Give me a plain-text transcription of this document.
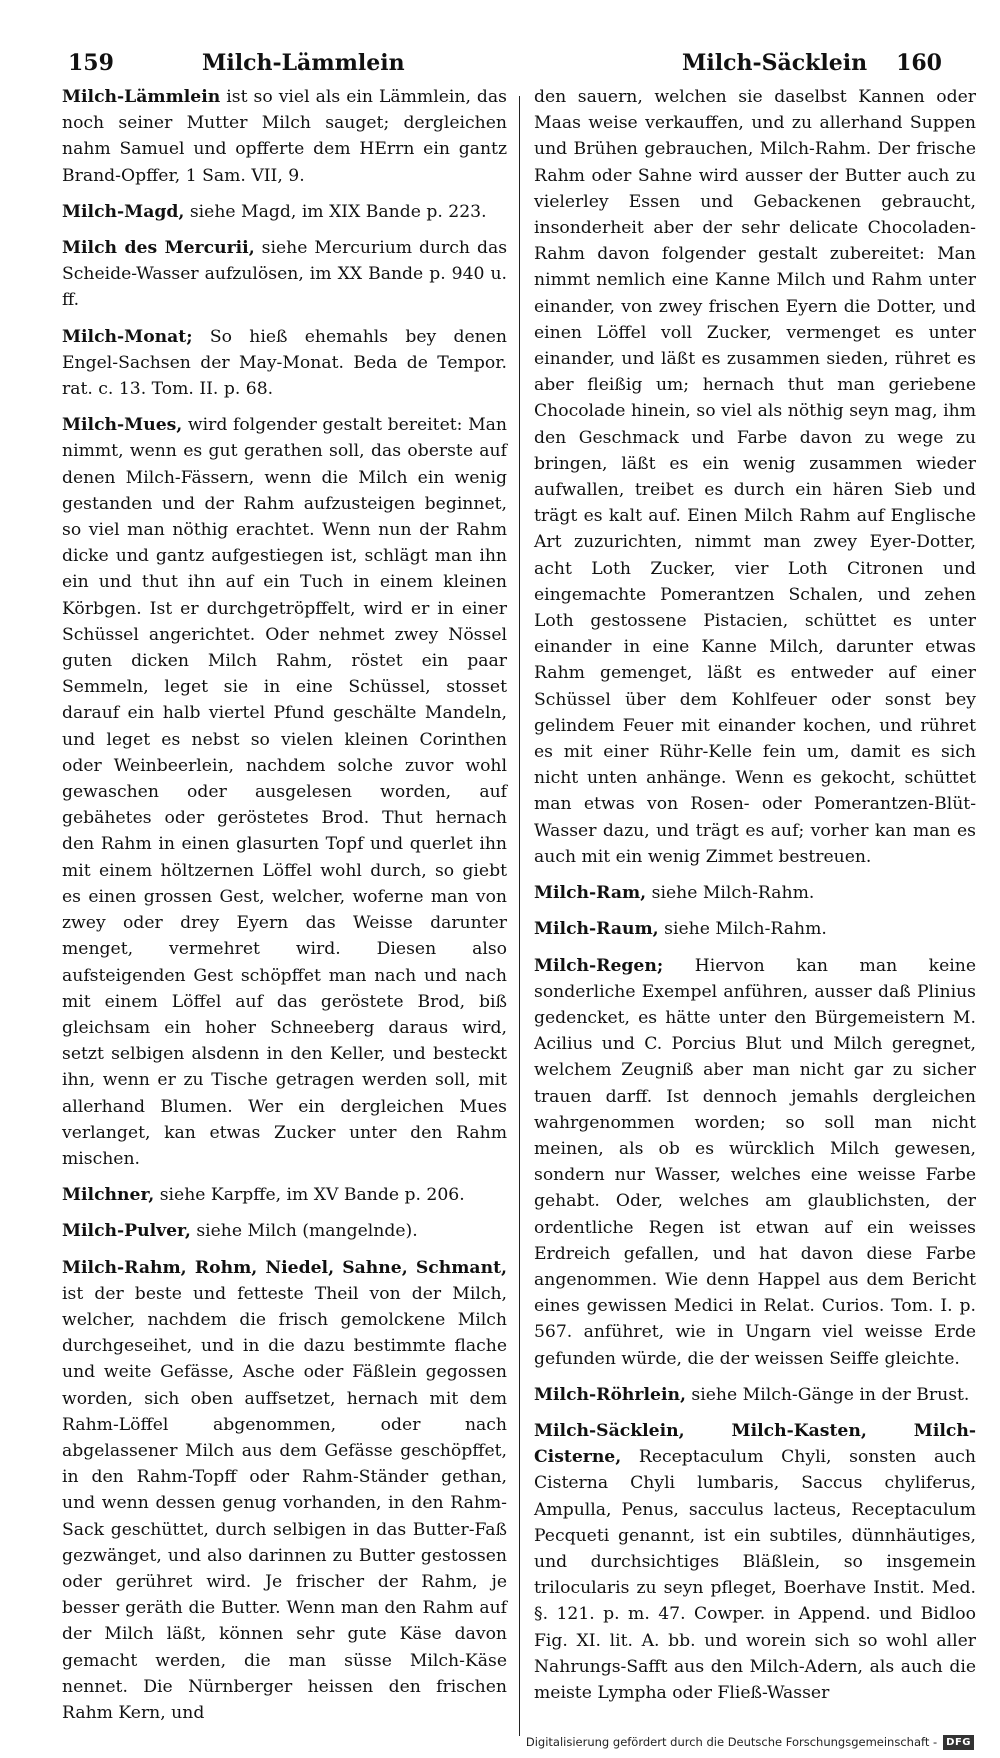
159	Milch-Lämmlein	Milch-Säcklein 160

Milch-Lämmlein ist so viel als ein Lämmlein, das noch seiner Mutter Milch sauget; dergleichen nahm Samuel und opfferte dem HErrn ein gantz Brand-Opffer, 1 Sam. VII, 9.

Milch-Magd, siehe Magd, im XIX Bande p. 223.

Milch des Mercurii, siehe Mercurium durch das Scheide-Wasser aufzulösen, im XX Bande p. 940 u. ff.

Milch-Monat; So hieß ehemahls bey denen Engel-Sachsen der May-Monat. Beda de Tempor. rat. c. 13. Tom. II. p. 68.

Milch-Mues, wird folgender gestalt bereitet: Man nimmt, wenn es gut gerathen soll, das oberste auf denen Milch-Fässern, wenn die Milch ein wenig gestanden und der Rahm aufzusteigen beginnet, so viel man nöthig erachtet. Wenn nun der Rahm dicke und gantz aufgestiegen ist, schlägt man ihn ein und thut ihn auf ein Tuch in einem kleinen Körbgen. Ist er durchgetröpffelt, wird er in einer Schüssel angerichtet. Oder nehmet zwey Nössel guten dicken Milch Rahm, röstet ein paar Semmeln, leget sie in eine Schüssel, stosset darauf ein halb viertel Pfund geschälte Mandeln, und leget es nebst so vielen kleinen Corinthen oder Weinbeerlein, nachdem solche zuvor wohl gewaschen oder ausgelesen worden, auf gebähetes oder geröstetes Brod. Thut hernach den Rahm in einen glasurten Topf und querlet ihn mit einem höltzernen Löffel wohl durch, so giebt es einen grossen Gest, welcher, woferne man von zwey oder drey Eyern das Weisse darunter menget, vermehret wird. Diesen also aufsteigenden Gest schöpffet man nach und nach mit einem Löffel auf das geröstete Brod, biß gleichsam ein hoher Schneeberg daraus wird, setzt selbigen alsdenn in den Keller, und besteckt ihn, wenn er zu Tische getragen werden soll, mit allerhand Blumen. Wer ein dergleichen Mues verlanget, kan etwas Zucker unter den Rahm mischen.

Milchner, siehe Karpffe, im XV Bande p. 206.

Milch-Pulver, siehe Milch (mangelnde).

Milch-Rahm, Rohm, Niedel, Sahne, Schmant, ist der beste und fetteste Theil von der Milch, welcher, nachdem die frisch gemolckene Milch durchgeseihet, und in die dazu bestimmte flache und weite Gefässe, Asche oder Fäßlein gegossen worden, sich oben auffsetzet, hernach mit dem Rahm-Löffel abgenommen, oder nach abgelassener Milch aus dem Gefässe geschöpffet, in den Rahm-Topff oder Rahm-Ständer gethan, und wenn dessen genug vorhanden, in den Rahm-Sack geschüttet, durch selbigen in das Butter-Faß gezwänget, und also darinnen zu Butter gestossen oder gerühret wird. Je frischer der Rahm, je besser geräth die Butter. Wenn man den Rahm auf der Milch läßt, können sehr gute Käse davon gemacht werden, die man süsse Milch-Käse nennet. Die Nürnberger heissen den frischen Rahm Kern, und

den sauern, welchen sie daselbst Kannen oder Maas weise verkauffen, und zu allerhand Suppen und Brühen gebrauchen, Milch-Rahm. Der frische Rahm oder Sahne wird ausser der Butter auch zu vielerley Essen und Gebackenen gebraucht, insonderheit aber der sehr delicate Chocoladen-Rahm davon folgender gestalt zubereitet: Man nimmt nemlich eine Kanne Milch und Rahm unter einander, von zwey frischen Eyern die Dotter, und einen Löffel voll Zucker, vermenget es unter einander, und läßt es zusammen sieden, rühret es aber fleißig um; hernach thut man geriebene Chocolade hinein, so viel als nöthig seyn mag, ihm den Geschmack und Farbe davon zu wege zu bringen, läßt es ein wenig zusammen wieder aufwallen, treibet es durch ein hären Sieb und trägt es kalt auf. Einen Milch Rahm auf Englische Art zuzurichten, nimmt man zwey Eyer-Dotter, acht Loth Zucker, vier Loth Citronen und eingemachte Pomerantzen Schalen, und zehen Loth gestossene Pistacien, schüttet es unter einander in eine Kanne Milch, darunter etwas Rahm gemenget, läßt es entweder auf einer Schüssel über dem Kohlfeuer oder sonst bey gelindem Feuer mit einander kochen, und rühret es mit einer Rühr-Kelle fein um, damit es sich nicht unten anhänge. Wenn es gekocht, schüttet man etwas von Rosen- oder Pomerantzen-Blüt-Wasser dazu, und trägt es auf; vorher kan man es auch mit ein wenig Zimmet bestreuen.

Milch-Ram, siehe Milch-Rahm.

Milch-Raum, siehe Milch-Rahm.

Milch-Regen; Hiervon kan man keine sonderliche Exempel anführen, ausser daß Plinius gedencket, es hätte unter den Bürgemeistern M. Acilius und C. Porcius Blut und Milch geregnet, welchem Zeugniß aber man nicht gar zu sicher trauen darff. Ist dennoch jemahls dergleichen wahrgenommen worden; so soll man nicht meinen, als ob es würcklich Milch gewesen, sondern nur Wasser, welches eine weisse Farbe gehabt. Oder, welches am glaublichsten, der ordentliche Regen ist etwan auf ein weisses Erdreich gefallen, und hat davon diese Farbe angenommen. Wie denn Happel aus dem Bericht eines gewissen Medici in Relat. Curios. Tom. I. p. 567. anführet, wie in Ungarn viel weisse Erde gefunden würde, die der weissen Seiffe gleichte.

Milch-Röhrlein, siehe Milch-Gänge in der Brust.

Milch-Säcklein, Milch-Kasten, Milch-Cisterne, Receptaculum Chyli, sonsten auch Cisterna Chyli lumbaris, Saccus chyliferus, Ampulla, Penus, sacculus lacteus, Receptaculum Pecqueti genannt, ist ein subtiles, dünnhäutiges, und durchsichtiges Bläßlein, so insgemein triloculаris zu seyn pfleget, Boerhave Instit. Med. §. 121. p. m. 47. Cowper. in Append. und Bidloo Fig. XI. lit. A. bb. und worein sich so wohl aller Nahrungs-Safft aus den Milch-Adern, als auch die meiste Lympha oder Fließ-Wasser

Digitalisierung gefördert durch die Deutsche Forschungsgemeinschaft - DFG
